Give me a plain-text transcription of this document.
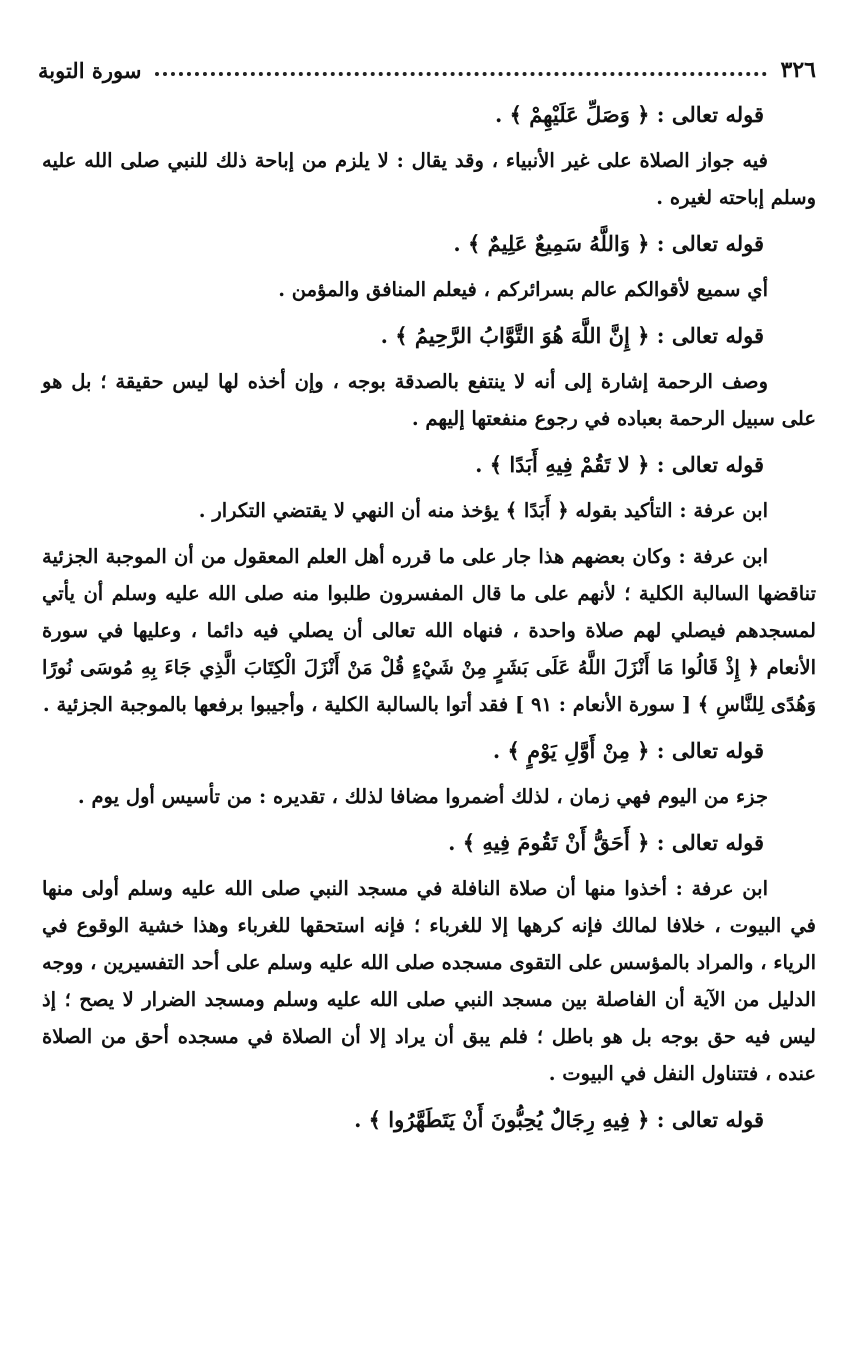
سورة التوبة	٣٢٦

قوله تعالى : ﴿ وَصَلِّ عَلَيْهِمْ ﴾ .

فيه جواز الصلاة على غير الأنبياء ، وقد يقال : لا يلزم من إباحة ذلك للنبي صلى الله عليه وسلم إباحته لغيره .

قوله تعالى : ﴿ وَاللَّهُ سَمِيعٌ عَلِيمٌ ﴾ .

أي سميع لأقوالكم عالم بسرائركم ، فيعلم المنافق والمؤمن .

قوله تعالى : ﴿ إِنَّ اللَّهَ هُوَ التَّوَّابُ الرَّحِيمُ ﴾ .

وصف الرحمة إشارة إلى أنه لا ينتفع بالصدقة بوجه ، وإن أخذه لها ليس حقيقة ؛ بل هو على سبيل الرحمة بعباده في رجوع منفعتها إليهم .

قوله تعالى : ﴿ لا تَقُمْ فِيهِ أَبَدًا ﴾ .

ابن عرفة : التأكيد بقوله ﴿ أَبَدًا ﴾ يؤخذ منه أن النهي لا يقتضي التكرار .

ابن عرفة : وكان بعضهم هذا جار على ما قرره أهل العلم المعقول من أن الموجبة الجزئية تناقضها السالبة الكلية ؛ لأنهم على ما قال المفسرون طلبوا منه صلى الله عليه وسلم أن يأتي لمسجدهم فيصلي لهم صلاة واحدة ، فنهاه الله تعالى أن يصلي فيه دائما ، وعليها في سورة الأنعام ﴿ إِذْ قَالُوا مَا أَنْزَلَ اللَّهُ عَلَى بَشَرٍ مِنْ شَيْءٍ قُلْ مَنْ أَنْزَلَ الْكِتَابَ الَّذِي جَاءَ بِهِ مُوسَى نُورًا وَهُدًى لِلنَّاسِ ﴾ [ سورة الأنعام : ٩١ ] فقد أتوا بالسالبة الكلية ، وأجيبوا برفعها بالموجبة الجزئية .

قوله تعالى : ﴿ مِنْ أَوَّلِ يَوْمٍ ﴾ .

جزء من اليوم فهي زمان ، لذلك أضمروا مضافا لذلك ، تقديره : من تأسيس أول يوم .

قوله تعالى : ﴿ أَحَقُّ أَنْ تَقُومَ فِيهِ ﴾ .

ابن عرفة : أخذوا منها أن صلاة النافلة في مسجد النبي صلى الله عليه وسلم أولى منها في البيوت ، خلافا لمالك فإنه كرهها إلا للغرباء ؛ فإنه استحقها للغرباء وهذا خشية الوقوع في الرياء ، والمراد بالمؤسس على التقوى مسجده صلى الله عليه وسلم على أحد التفسيرين ، ووجه الدليل من الآية أن الفاصلة بين مسجد النبي صلى الله عليه وسلم ومسجد الضرار لا يصح ؛ إذ ليس فيه حق بوجه بل هو باطل ؛ فلم يبق أن يراد إلا أن الصلاة في مسجده أحق من الصلاة عنده ، فتتناول النفل في البيوت .

قوله تعالى : ﴿ فِيهِ رِجَالٌ يُحِبُّونَ أَنْ يَتَطَهَّرُوا ﴾ .
